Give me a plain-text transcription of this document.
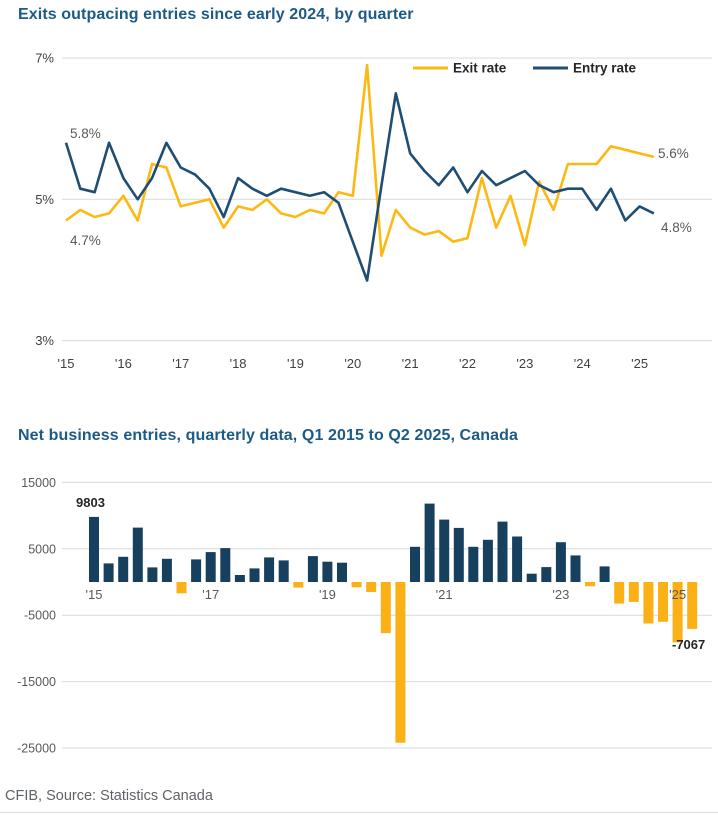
Exits outpacing entries since early 2024, by quarter
Net business entries, quarterly data, Q1 2015 to Q2 2025, Canada
7%
5%
3%
'15	'16	'17	'18	'19	'20	'21	'22	'23	'24	'25
Exit rate	Entry rate
5.8%
4.7%
5.6%
4.8%
15000
5000
-5000
-15000
-25000
'15	'17	'19	'21	'23	'25
9803
-7067
CFIB, Source: Statistics Canada
